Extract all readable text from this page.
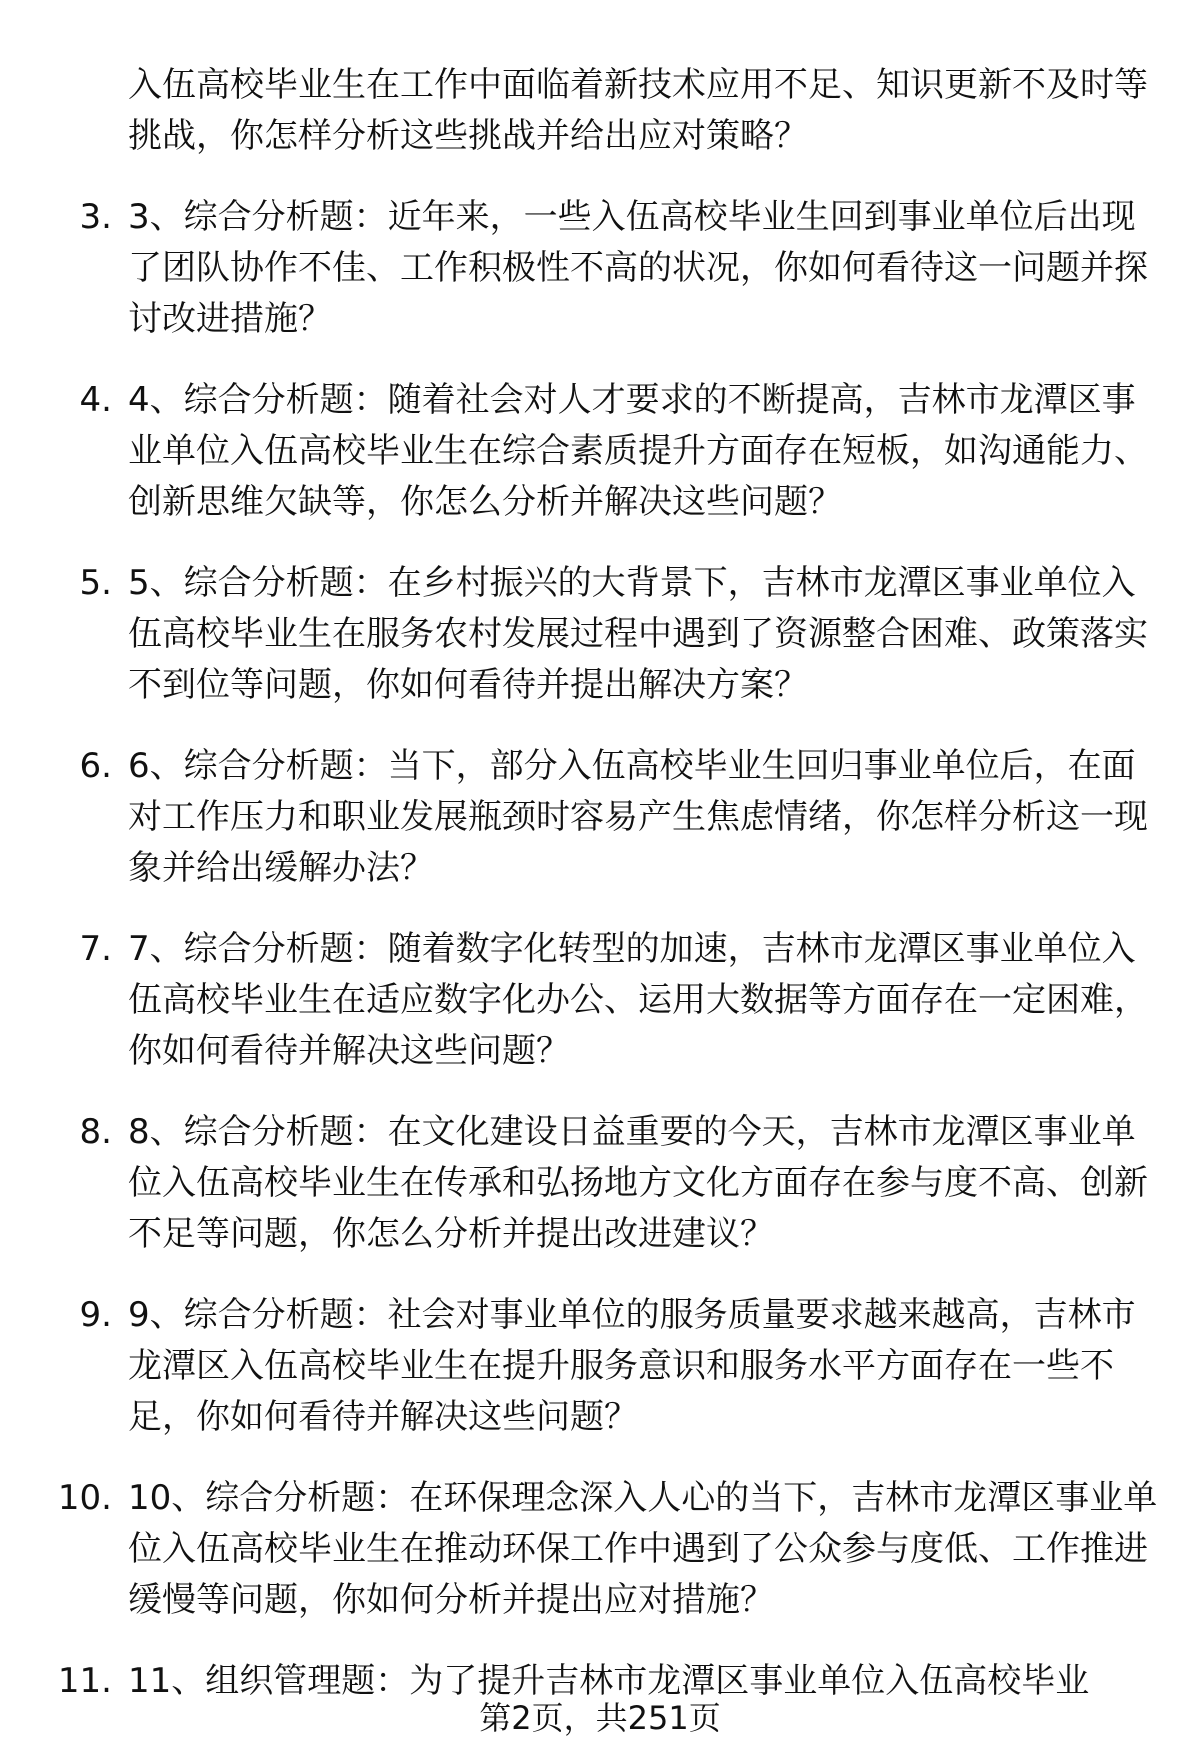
入伍高校毕业生在工作中面临着新技术应用不足、知识更新不及时等挑战，你怎样分析这些挑战并给出应对策略？

3. 3、综合分析题：近年来，一些入伍高校毕业生回到事业单位后出现了团队协作不佳、工作积极性不高的状况，你如何看待这一问题并探讨改进措施？
4. 4、综合分析题：随着社会对人才要求的不断提高，吉林市龙潭区事业单位入伍高校毕业生在综合素质提升方面存在短板，如沟通能力、创新思维欠缺等，你怎么分析并解决这些问题？
5. 5、综合分析题：在乡村振兴的大背景下，吉林市龙潭区事业单位入伍高校毕业生在服务农村发展过程中遇到了资源整合困难、政策落实不到位等问题，你如何看待并提出解决方案？
6. 6、综合分析题：当下，部分入伍高校毕业生回归事业单位后，在面对工作压力和职业发展瓶颈时容易产生焦虑情绪，你怎样分析这一现象并给出缓解办法？
7. 7、综合分析题：随着数字化转型的加速，吉林市龙潭区事业单位入伍高校毕业生在适应数字化办公、运用大数据等方面存在一定困难，你如何看待并解决这些问题？
8. 8、综合分析题：在文化建设日益重要的今天，吉林市龙潭区事业单位入伍高校毕业生在传承和弘扬地方文化方面存在参与度不高、创新不足等问题，你怎么分析并提出改进建议？
9. 9、综合分析题：社会对事业单位的服务质量要求越来越高，吉林市龙潭区入伍高校毕业生在提升服务意识和服务水平方面存在一些不足，你如何看待并解决这些问题？
10. 10、综合分析题：在环保理念深入人心的当下，吉林市龙潭区事业单位入伍高校毕业生在推动环保工作中遇到了公众参与度低、工作推进缓慢等问题，你如何分析并提出应对措施？
11. 11、组织管理题：为了提升吉林市龙潭区事业单位入伍高校毕业
第2页，共251页
